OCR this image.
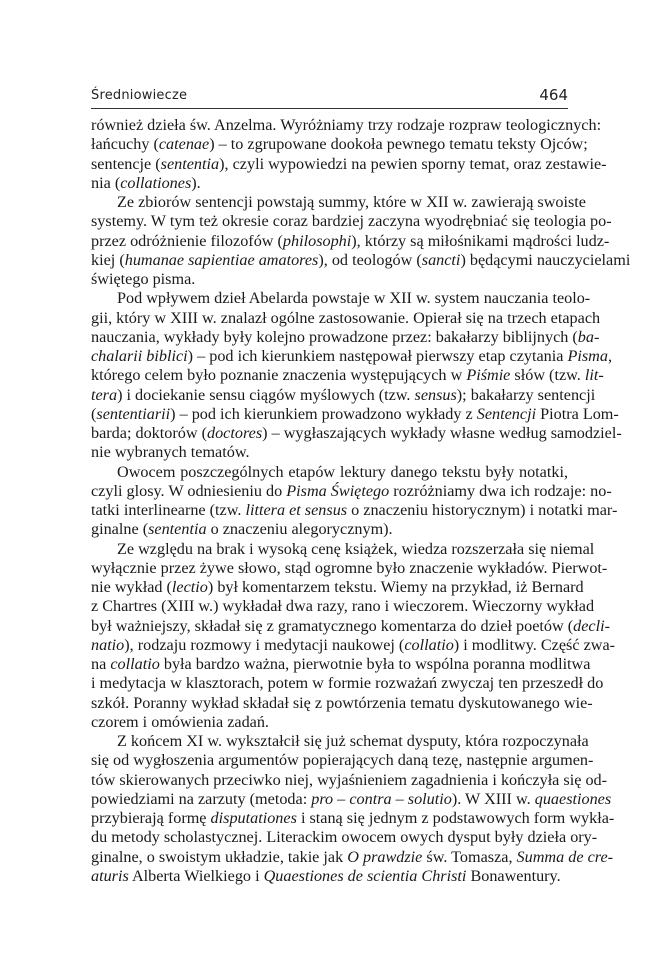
Średniowiecze	464
również dzieła św. Anzelma. Wyróżniamy trzy rodzaje rozpraw teologicznych:
łańcuchy (catenae) – to zgrupowane dookoła pewnego tematu teksty Ojców;
sentencje (sententia), czyli wypowiedzi na pewien sporny temat, oraz zestawie-
nia (collationes).
Ze zbiorów sentencji powstają summy, które w XII w. zawierają swoiste
systemy. W tym też okresie coraz bardziej zaczyna wyodrębniać się teologia po-
przez odróżnienie filozofów (philosophi), którzy są miłośnikami mądrości ludz-
kiej (humanae sapientiae amatores), od teologów (sancti) będącymi nauczycielami
świętego pisma.
Pod wpływem dzieł Abelarda powstaje w XII w. system nauczania teolo-
gii, który w XIII w. znalazł ogólne zastosowanie. Opierał się na trzech etapach
nauczania, wykłady były kolejno prowadzone przez: bakałarzy biblijnych (ba-
chalarii biblici) – pod ich kierunkiem następował pierwszy etap czytania Pisma,
którego celem było poznanie znaczenia występujących w Piśmie słów (tzw. lit-
tera) i dociekanie sensu ciągów myślowych (tzw. sensus); bakałarzy sentencji
(sententiarii) – pod ich kierunkiem prowadzono wykłady z Sentencji Piotra Lom-
barda; doktorów (doctores) – wygłaszających wykłady własne według samodziel-
nie wybranych tematów.
Owocem poszczególnych etapów lektury danego tekstu były notatki,
czyli glosy. W odniesieniu do Pisma Świętego rozróżniamy dwa ich rodzaje: no-
tatki interlinearne (tzw. littera et sensus o znaczeniu historycznym) i notatki mar-
ginalne (sententia o znaczeniu alegorycznym).
Ze względu na brak i wysoką cenę książek, wiedza rozszerzała się niemal
wyłącznie przez żywe słowo, stąd ogromne było znaczenie wykładów. Pierwot-
nie wykład (lectio) był komentarzem tekstu. Wiemy na przykład, iż Bernard
z Chartres (XIII w.) wykładał dwa razy, rano i wieczorem. Wieczorny wykład
był ważniejszy, składał się z gramatycznego komentarza do dzieł poetów (decli-
natio), rodzaju rozmowy i medytacji naukowej (collatio) i modlitwy. Część zwa-
na collatio była bardzo ważna, pierwotnie była to wspólna poranna modlitwa
i medytacja w klasztorach, potem w formie rozważań zwyczaj ten przeszedł do
szkół. Poranny wykład składał się z powtórzenia tematu dyskutowanego wie-
czorem i omówienia zadań.
Z końcem XI w. wykształcił się już schemat dysputy, która rozpoczynała
się od wygłoszenia argumentów popierających daną tezę, następnie argumen-
tów skierowanych przeciwko niej, wyjaśnieniem zagadnienia i kończyła się od-
powiedziami na zarzuty (metoda: pro – contra – solutio). W XIII w. quaestiones
przybierają formę disputationes i staną się jednym z podstawowych form wykła-
du metody scholastycznej. Literackim owocem owych dysput były dzieła ory-
ginalne, o swoistym układzie, takie jak O prawdzie św. Tomasza, Summa de cre-
aturis Alberta Wielkiego i Quaestiones de scientia Christi Bonawentury.
